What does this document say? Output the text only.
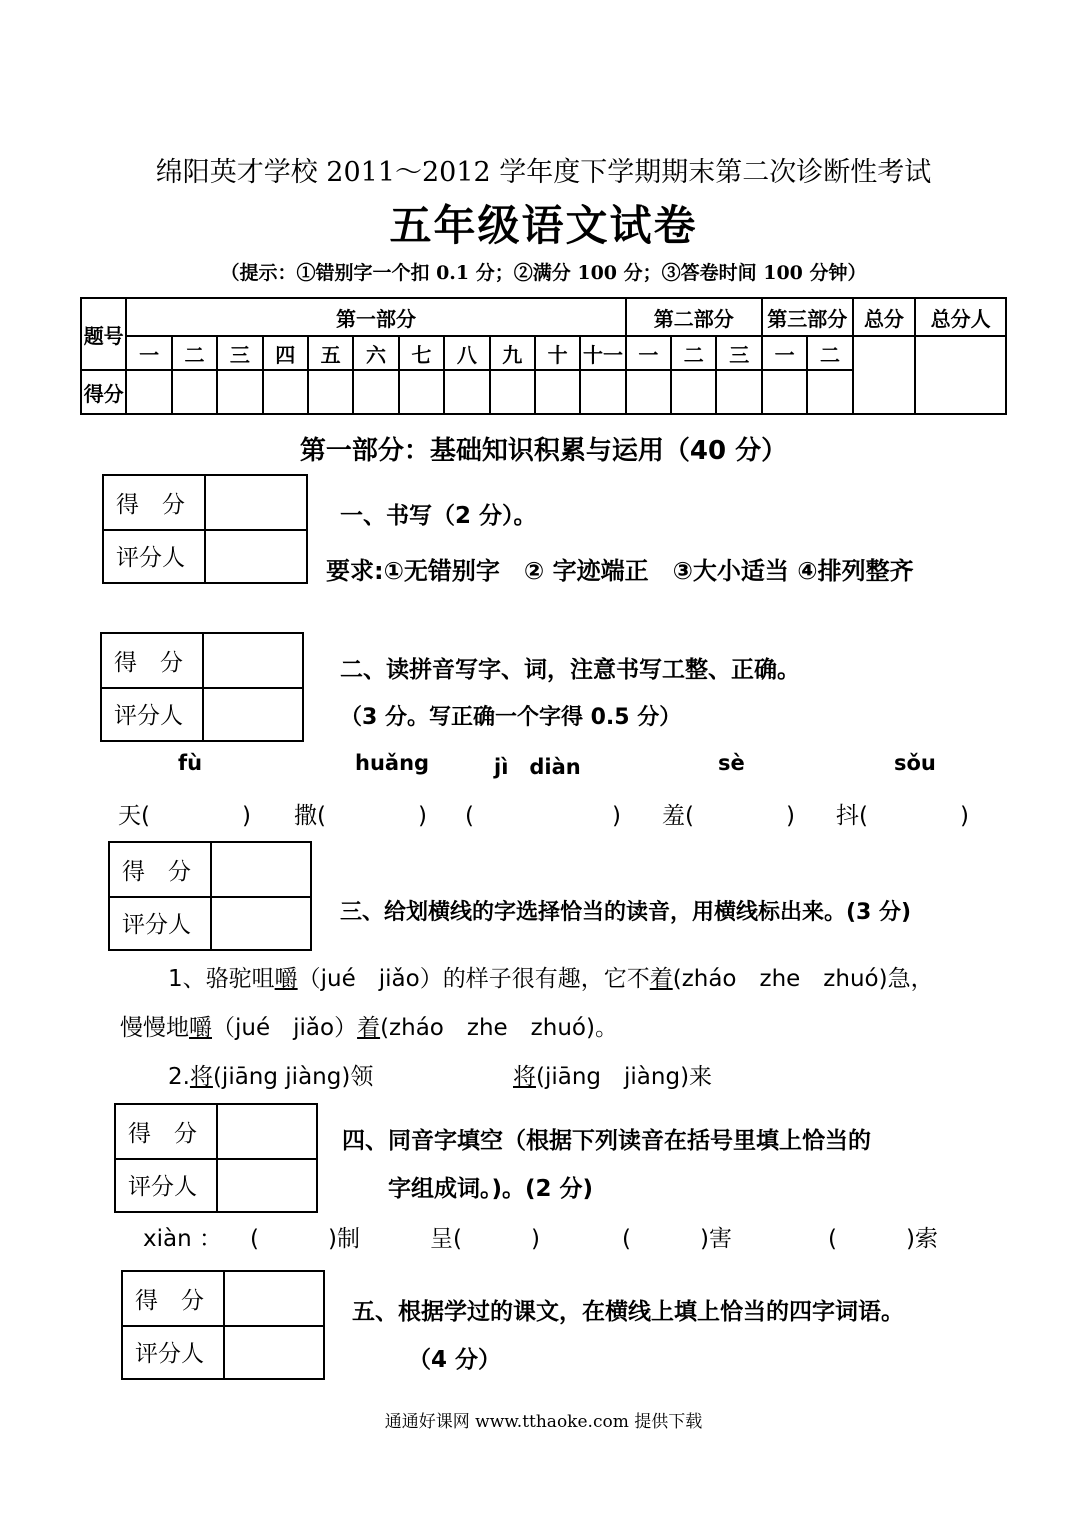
绵阳英才学校 2011～2012 学年度下学期期末第二次诊断性考试
五年级语文试卷
（提示：①错别字一个扣 0.1 分；②满分 100 分；③答卷时间 100 分钟）
题号	第一部分											第二部分			第三部分		总分	总分人
	一	二	三	四	五	六	七	八	九	十	十一	一	二	三	一	二		
得分																		
第一部分：基础知识积累与运用（40 分）
得　分
评分人
一、书写（2 分）。
要求:①无错别字　② 字迹端正　③大小适当 ④排列整齐
得　分
评分人
二、读拼音写字、词，注意书写工整、正确。
（3 分。写正确一个字得 0.5 分）
fù	huǎng	jì　diàn	sè	sǒu
天(　　　　) 撒(　　　　) (　　　　　　) 羞(　　　　) 抖(　　　　)
得　分
评分人	三、给划横线的字选择恰当的读音，用横线标出来。(3 分)
1、骆驼咀嚼（jué　jiǎo）的样子很有趣，它不着(zháo　zhe　zhuó)急，
慢慢地嚼（jué　jiǎo）着(zháo　zhe　zhuó)。
2.将(jiāng jiàng)领	将(jiāng　jiàng)来
得　分
评分人
四、同音字填空（根据下列读音在括号里填上恰当的
字组成词。)。(2 分)
xiàn ： (　　　)制	呈(　　　)	(　　　)害	(　　　)索
得　分
评分人
五、根据学过的课文，在横线上填上恰当的四字词语。
（4 分）
通通好课网 www.tthaoke.com 提供下载
